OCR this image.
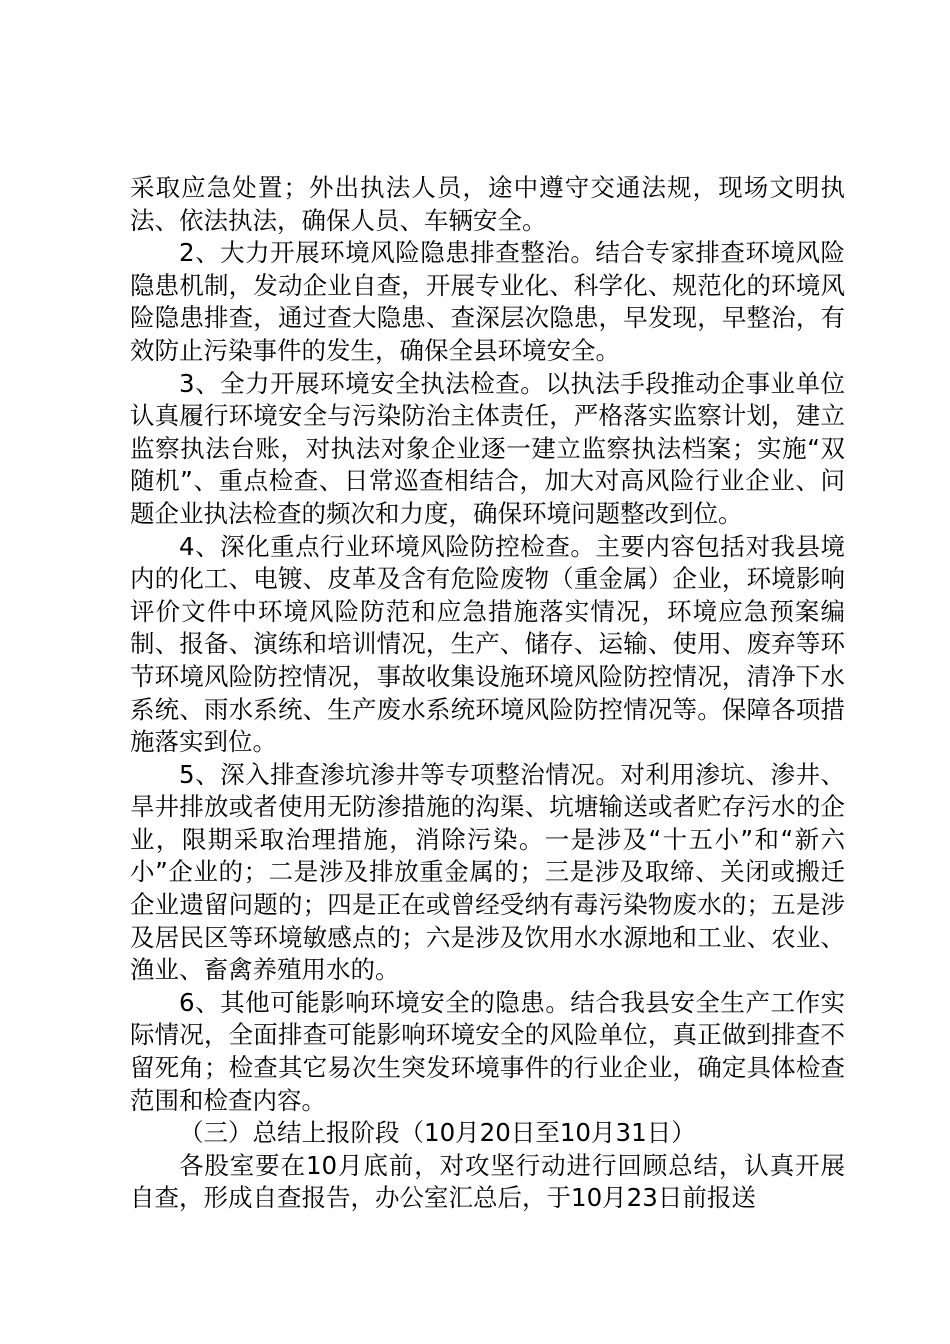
采取应急处置；外出执法人员，途中遵守交通法规，现场文明执法、依法执法，确保人员、车辆安全。

2、大力开展环境风险隐患排查整治。结合专家排查环境风险隐患机制，发动企业自查，开展专业化、科学化、规范化的环境风险隐患排查，通过查大隐患、查深层次隐患，早发现，早整治，有效防止污染事件的发生，确保全县环境安全。

3、全力开展环境安全执法检查。以执法手段推动企事业单位认真履行环境安全与污染防治主体责任，严格落实监察计划，建立监察执法台账，对执法对象企业逐一建立监察执法档案；实施“双随机”、重点检查、日常巡查相结合，加大对高风险行业企业、问题企业执法检查的频次和力度，确保环境问题整改到位。

4、深化重点行业环境风险防控检查。主要内容包括对我县境内的化工、电镀、皮革及含有危险废物（重金属）企业，环境影响评价文件中环境风险防范和应急措施落实情况，环境应急预案编制、报备、演练和培训情况，生产、储存、运输、使用、废弃等环节环境风险防控情况，事故收集设施环境风险防控情况，清净下水系统、雨水系统、生产废水系统环境风险防控情况等。保障各项措施落实到位。

5、深入排查渗坑渗井等专项整治情况。对利用渗坑、渗井、旱井排放或者使用无防渗措施的沟渠、坑塘输送或者贮存污水的企业，限期采取治理措施，消除污染。一是涉及“十五小”和“新六小”企业的；二是涉及排放重金属的；三是涉及取缔、关闭或搬迁企业遗留问题的；四是正在或曾经受纳有毒污染物废水的；五是涉及居民区等环境敏感点的；六是涉及饮用水水源地和工业、农业、渔业、畜禽养殖用水的。

6、其他可能影响环境安全的隐患。结合我县安全生产工作实际情况，全面排查可能影响环境安全的风险单位，真正做到排查不留死角；检查其它易次生突发环境事件的行业企业，确定具体检查范围和检查内容。

（三）总结上报阶段（10月20日至10月31日）

各股室要在10月底前，对攻坚行动进行回顾总结，认真开展自查，形成自查报告，办公室汇总后，于10月23日前报送
